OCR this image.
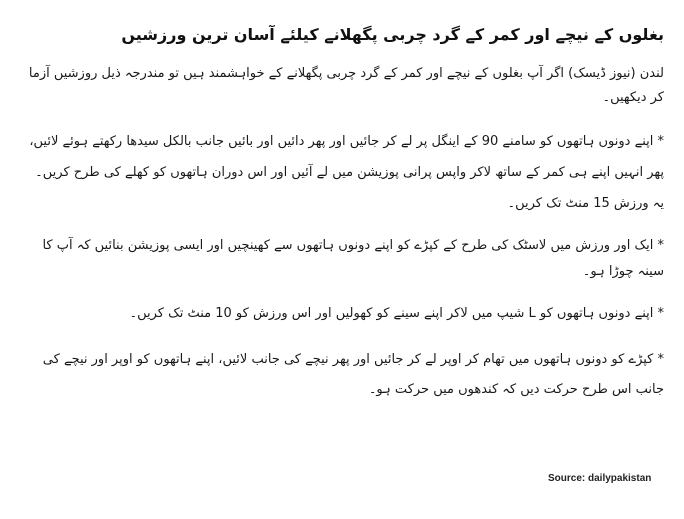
بغلوں کے نیچے اور کمر کے گرد چربی پگھلانے کیلئے آسان ترین ورزشیں

لندن (نیوز ڈیسک) اگر آپ بغلوں کے نیچے اور کمر کے گرد چربی پگھلانے کے خواہشمند ہیں تو مندرجہ ذیل روزشیں آزما کر دیکھیں۔

* اپنے دونوں ہاتھوں کو سامنے 90 کے اینگل پر لے کر جائیں اور پھر دائیں اور بائیں جانب بالکل سیدھا رکھتے ہوئے لائیں، پھر انہیں اپنے ہی کمر کے ساتھ لاکر واپس پرانی پوزیشن میں لے آئیں اور اس دوران ہاتھوں کو کھلے کی طرح کریں۔ یہ ورزش 15 منٹ تک کریں۔

* ایک اور ورزش میں لاسٹک کی طرح کے کپڑے کو اپنے دونوں ہاتھوں سے کھینچیں اور ایسی پوزیشن بنائیں کہ آپ کا سینہ چوڑا ہو۔

* اپنے دونوں ہاتھوں کو L شیپ میں لاکر اپنے سینے کو کھولیں اور اس ورزش کو 10 منٹ تک کریں۔

* کپڑے کو دونوں ہاتھوں میں تھام کر اوپر لے کر جائیں اور پھر نیچے کی جانب لائیں، اپنے ہاتھوں کو اوپر اور نیچے کی جانب اس طرح حرکت دیں کہ کندھوں میں حرکت ہو۔

Source: dailypakistan
